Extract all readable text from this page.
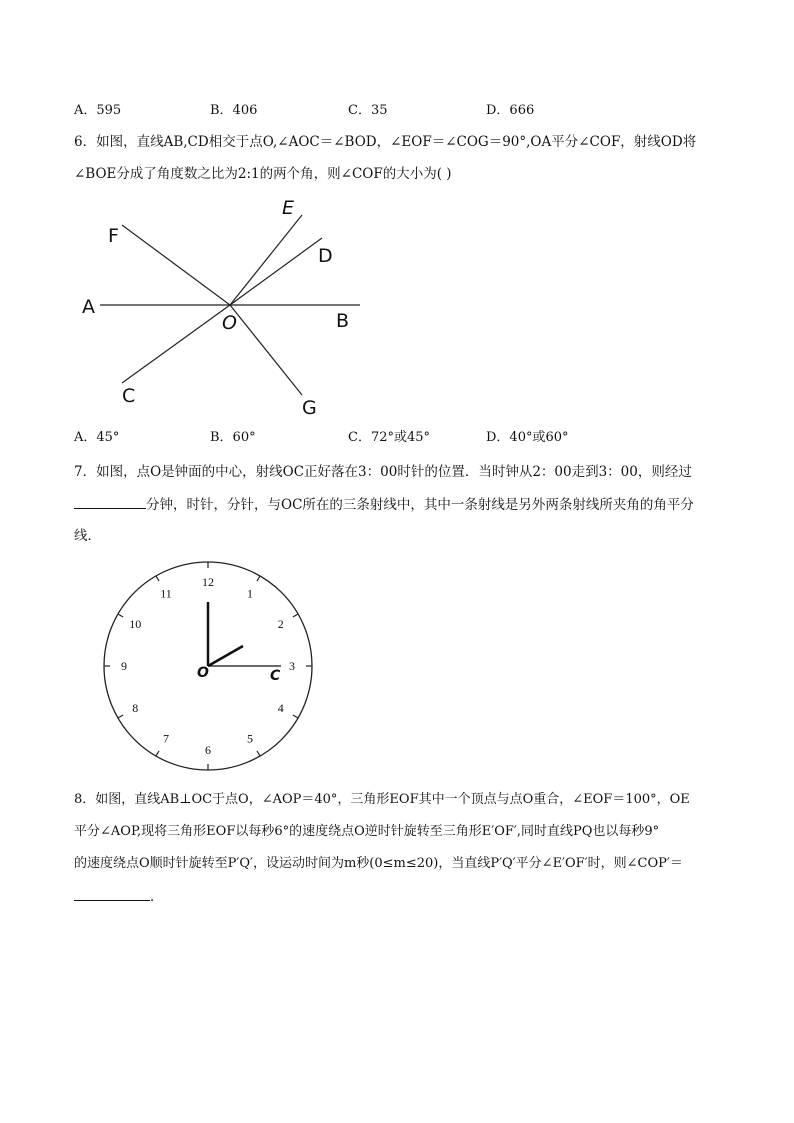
A．595	B．406	C．35	D．666
6．如图，直线AB,CD相交于点O,∠AOC＝∠BOD，∠EOF＝∠COG＝90°,OA平分∠COF，射线OD将
∠BOE分成了角度数之比为2:1的两个角，则∠COF的大小为( )
E
F
D
A
O	B
C
G
A．45°	B．60°	C．72°或45°	D．40°或60°
7．如图，点O是钟面的中心，射线OC正好落在3：00时针的位置．当时钟从2：00走到3：00，则经过
分钟，时针，分针，与OC所在的三条射线中，其中一条射线是另外两条射线所夹角的角平分
线．
12
1
2
3
4
5
6
7
8
9
10
11
O	C
8．如图，直线AB⊥OC于点O，∠AOP＝40°，三角形EOF其中一个顶点与点O重合，∠EOF＝100°，OE
平分∠AOP,现将三角形EOF以每秒6°的速度绕点O逆时针旋转至三角形E′OF′,同时直线PQ也以每秒9°
的速度绕点O顺时针旋转至P′Q′，设运动时间为m秒(0≤m≤20)，当直线P′Q′平分∠E′OF′时，则∠COP′＝
．
